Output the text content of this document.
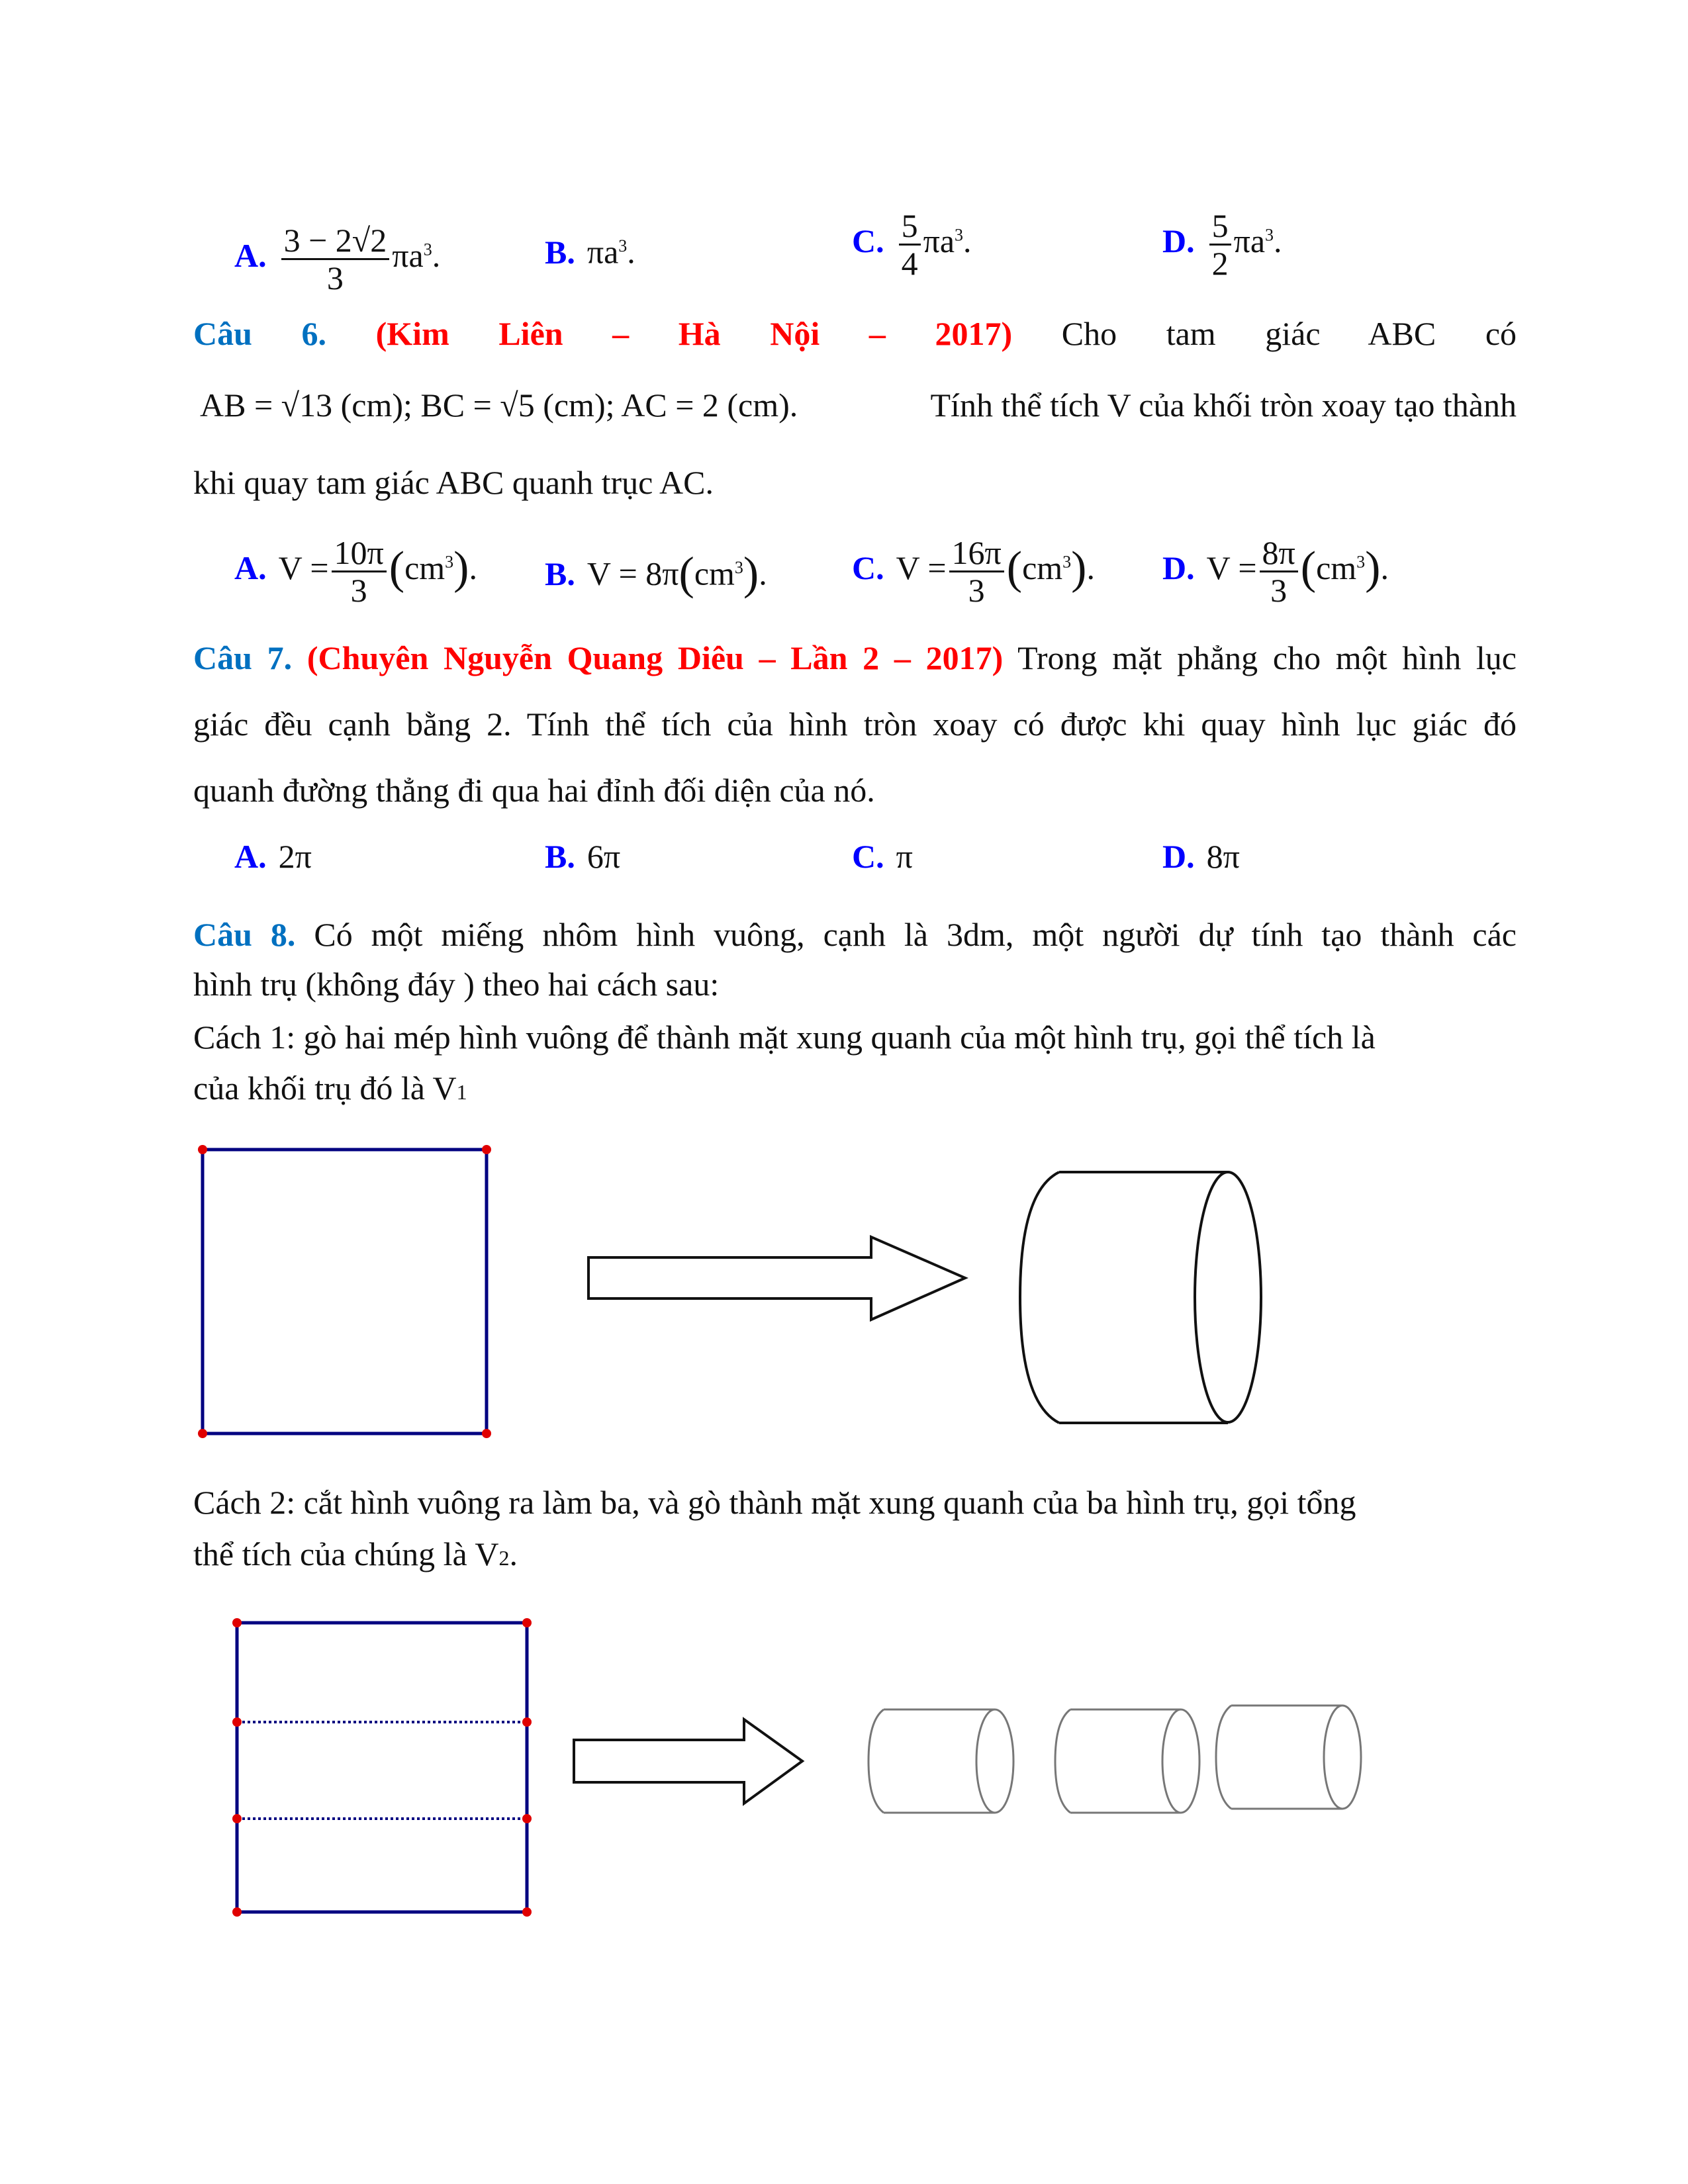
A. $\frac{3 - 2√2}{3} \pi a^3$.	B. $\pi a^3$.	C. $\frac{5}{4} \pi a^3$.	D. $\frac{5}{2} \pi a^3$.
Câu 6. (Kim Liên – Hà Nội – 2017) Cho tam giác ABC có
AB = √13 (cm); BC = √5 (cm); AC = 2 (cm).	Tính thể tích V của khối tròn xoay tạo thành
khi quay tam giác ABC quanh trục AC.
A. $V = \frac{10\pi}{3} (cm^3)$. B. $V = 8\pi(cm^3)$.	C. $V = \frac{16\pi}{3} (cm^3)$. D. $V = \frac{8\pi}{3} (cm^3)$.
Câu 7. (Chuyên Nguyễn Quang Diêu – Lần 2 – 2017) Trong mặt phẳng cho một hình lục
giác đều cạnh bằng 2. Tính thể tích của hình tròn xoay có được khi quay hình lục giác đó
quanh đường thẳng đi qua hai đỉnh đối diện của nó.
A. 2π	B. 6π	C. π	D. 8π
Câu 8. Có một miếng nhôm hình vuông, cạnh là 3dm, một người dự tính tạo thành các
hình trụ (không đáy ) theo hai cách sau:
Cách 1: gò hai mép hình vuông để thành mặt xung quanh của một hình trụ, gọi thể tích là
của khối trụ đó là V1
Cách 2: cắt hình vuông ra làm ba, và gò thành mặt xung quanh của ba hình trụ, gọi tổng
thể tích của chúng là V2.
